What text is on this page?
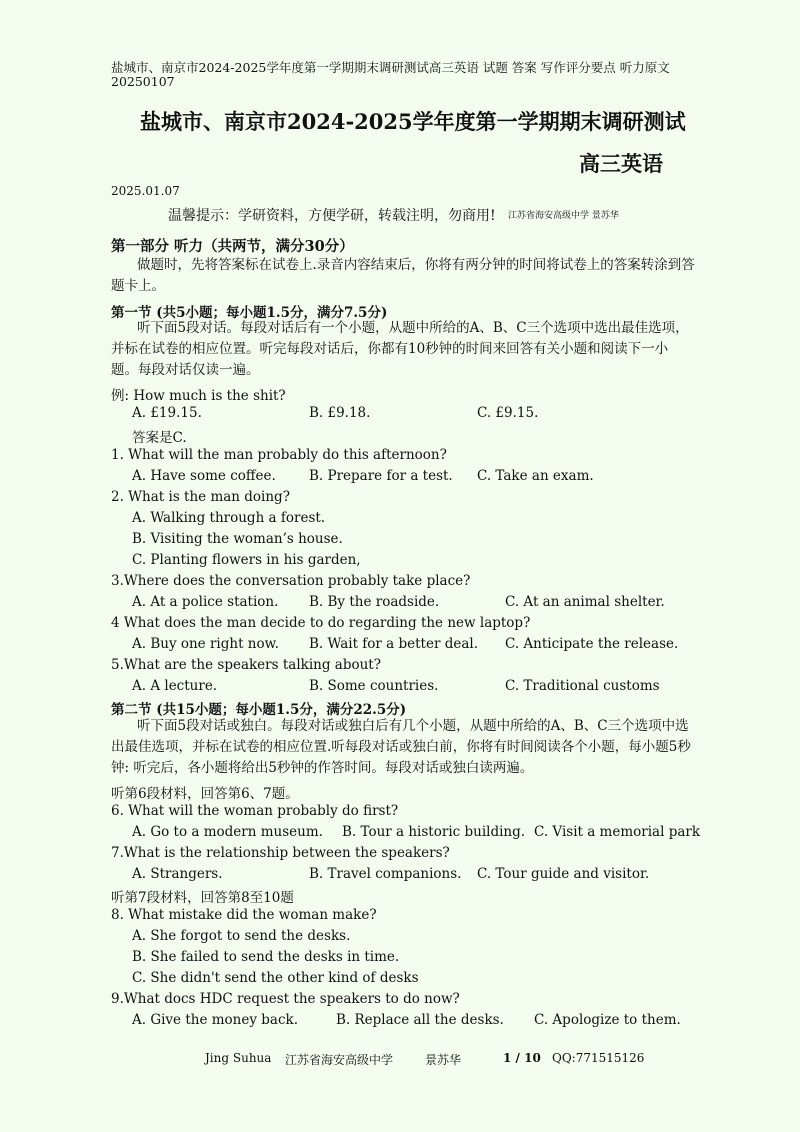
盐城市、南京市2024-2025学年度第一学期期末调研测试高三英语 试题 答案 写作评分要点 听力原文
20250107
盐城市、南京市2024-2025学年度第一学期期末调研测试
高三英语
2025.01.07
温馨提示：学研资料，方便学研，转载注明，勿商用! 江苏省海安高级中学 景苏华
第一部分 听力（共两节，满分30分）
做题时，先将答案标在试卷上.录音内容结束后，你将有两分钟的时间将试卷上的答案转涂到答题卡上。
第一节 (共5小题；每小题1.5分，满分7.5分)
听下面5段对话。每段对话后有一个小题，从题中所给的A、B、C三个选项中选出最佳选项，并标在试卷的相应位置。听完每段对话后，你都有10秒钟的时间来回答有关小题和阅读下一小题。每段对话仅读一遍。
例: How much is the shit?
A. £19.15.	B. £9.18.	C. £9.15.
答案是C.
1. What will the man probably do this afternoon?
A. Have some coffee. B. Prepare for a test. C. Take an exam.
2. What is the man doing?
A. Walking through a forest.
B. Visiting the woman’s house.
C. Planting flowers in his garden,
3.Where does the conversation probably take place?
A. At a police station. B. By the roadside.	C. At an animal shelter.
4 What does the man decide to do regarding the new laptop?
A. Buy one right now. B. Wait for a better deal. C. Anticipate the release.
5.What are the speakers talking about?
A. A lecture.	B. Some countries.	C. Traditional customs
第二节 (共15小题；每小题1.5分，满分22.5分)
听下面5段对话或独白。每段对话或独白后有几个小题，从题中所给的A、B、C三个选项中选出最佳选项，并标在试卷的相应位置.听每段对话或独白前，你将有时间阅读各个小题，每小题5秒钟: 听完后，各小题将给出5秒钟的作答时间。每段对话或独白读两遍。
听第6段材料，回答第6、7题。
6. What will the woman probably do first?
A. Go to a modern museum. B. Tour a historic building. C. Visit a memorial park
7.What is the relationship between the speakers?
A. Strangers.	B. Travel companions. C. Tour guide and visitor.
听第7段材料，回答第8至10题
8. What mistake did the woman make?
A. She forgot to send the desks.
B. She failed to send the desks in time.
C. She didn't send the other kind of desks
9.What docs HDC request the speakers to do now?
A. Give the money back.	B. Replace all the desks. C. Apologize to them.
Jing Suhua 江苏省海安高级中学	景苏华	1 / 10 QQ:771515126
